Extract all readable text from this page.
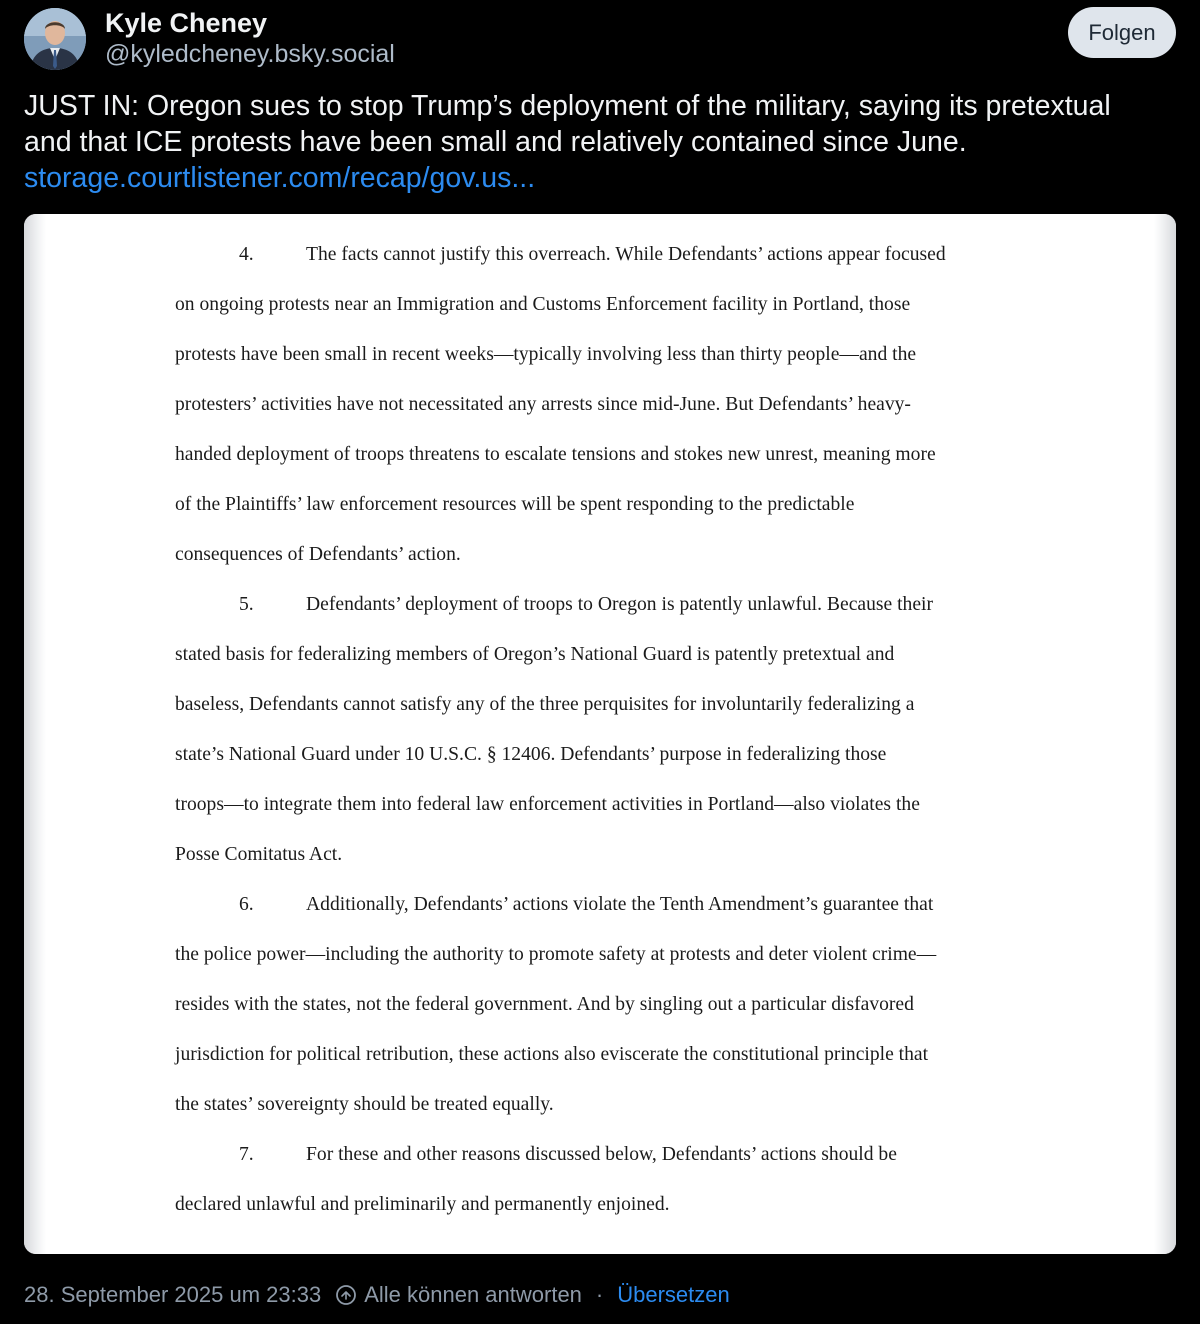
Kyle Cheney
@kyledcheney.bsky.social
Folgen
JUST IN: Oregon sues to stop Trump’s deployment of the military, saying its pretextual and that ICE protests have been small and relatively contained since June. storage.courtlistener.com/recap/gov.us...
4.	The facts cannot justify this overreach. While Defendants’ actions appear focused
on ongoing protests near an Immigration and Customs Enforcement facility in Portland, those
protests have been small in recent weeks—typically involving less than thirty people—and the
protesters’ activities have not necessitated any arrests since mid-June. But Defendants’ heavy-
handed deployment of troops threatens to escalate tensions and stokes new unrest, meaning more
of the Plaintiffs’ law enforcement resources will be spent responding to the predictable
consequences of Defendants’ action.
5.	Defendants’ deployment of troops to Oregon is patently unlawful. Because their
stated basis for federalizing members of Oregon’s National Guard is patently pretextual and
baseless, Defendants cannot satisfy any of the three perquisites for involuntarily federalizing a
state’s National Guard under 10 U.S.C. § 12406. Defendants’ purpose in federalizing those
troops—to integrate them into federal law enforcement activities in Portland—also violates the
Posse Comitatus Act.
6.	Additionally, Defendants’ actions violate the Tenth Amendment’s guarantee that
the police power—including the authority to promote safety at protests and deter violent crime—
resides with the states, not the federal government. And by singling out a particular disfavored
jurisdiction for political retribution, these actions also eviscerate the constitutional principle that
the states’ sovereignty should be treated equally.
7.	For these and other reasons discussed below, Defendants’ actions should be
declared unlawful and preliminarily and permanently enjoined.
28. September 2025 um 23:33 Alle können antworten · Übersetzen
